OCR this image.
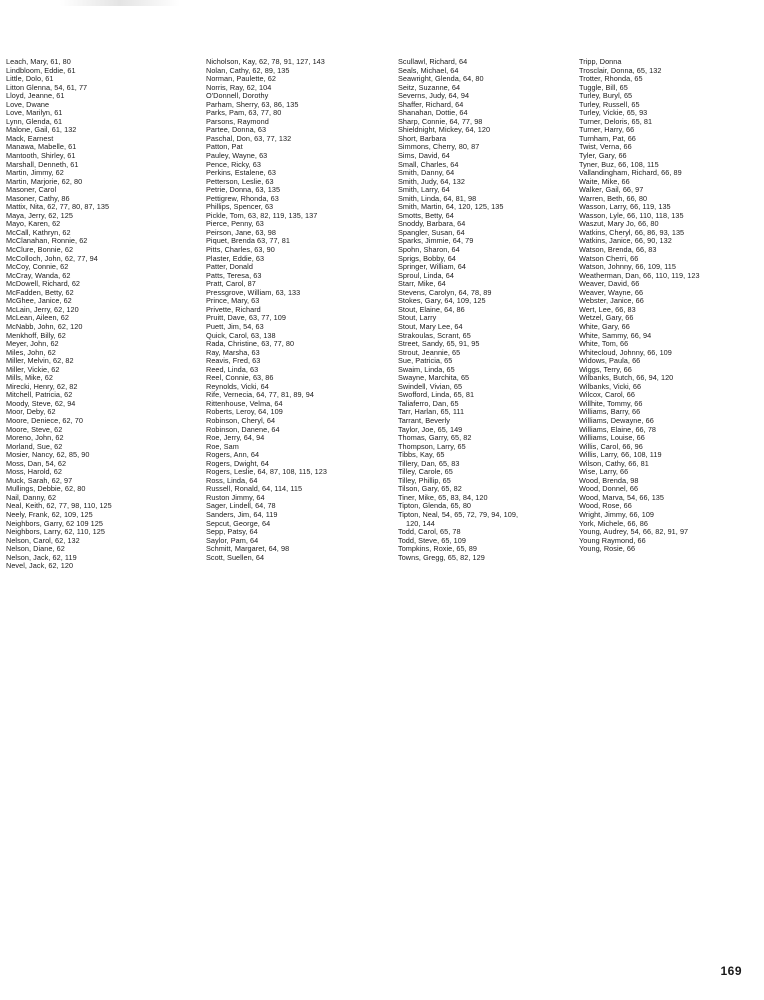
Leach, Mary, 61, 80
Lindbloom, Eddie, 61
Little, Dolo, 61
Litton Glenna, 54, 61, 77
Lloyd, Jeanne, 61
Love, Dwane
Love, Marilyn, 61
Lynn, Glenda, 61
Malone, Gail, 61, 132
Mack, Earnest
Manawa, Mabelle, 61
Mantooth, Shirley, 61
Marshall, Denneth, 61
Martin, Jimmy, 62
Martin, Marjorie, 62, 80
Masoner, Carol
Masoner, Cathy, 86
Mattix, Nita, 62, 77, 80, 87, 135
Maya, Jerry, 62, 125
Mayo, Karen, 62
McCall, Kathryn, 62
McClanahan, Ronnie, 62
McClure, Bonnie, 62
McColloch, John, 62, 77, 94
McCoy, Connie, 62
McCray, Wanda, 62
McDowell, Richard, 62
McFadden, Betty, 62
McGhee, Janice, 62
McLain, Jerry, 62, 120
McLean, Aileen, 62
McNabb, John, 62, 120
Menkhoff, Billy, 62
Meyer, John, 62
Miles, John, 62
Miller, Melvin, 62, 82
Miller, Vickie, 62
Mills, Mike, 62
Mirecki, Henry, 62, 82
Mitchell, Patricia, 62
Moody, Steve, 62, 94
Moor, Deby, 62
Moore, Deniece, 62, 70
Moore, Steve, 62
Moreno, John, 62
Morland, Sue, 62
Mosier, Nancy, 62, 85, 90
Moss, Dan, 54, 62
Moss, Harold, 62
Muck, Sarah, 62, 97
Mullings, Debbie, 62, 80
Nail, Danny, 62
Neal, Keith, 62, 77, 98, 110, 125
Neely, Frank, 62, 109, 125
Neighbors, Garry, 62 109 125
Neighbors, Larry, 62, 110, 125
Nelson, Carol, 62, 132
Nelson, Diane, 62
Nelson, Jack, 62, 119
Nevel, Jack, 62, 120
Nicholson, Kay, 62, 78, 91, 127, 143
Nolan, Cathy, 62, 89, 135
Norman, Paulette, 62
Norris, Ray, 62, 104
O'Donnell, Dorothy
Parham, Sherry, 63, 86, 135
Parks, Pam, 63, 77, 80
Parsons, Raymond
Partee, Donna, 63
Paschal, Don, 63, 77, 132
Patton, Pat
Pauley, Wayne, 63
Pence, Ricky, 63
Perkins, Estalene, 63
Petterson, Leslie, 63
Petrie, Donna, 63, 135
Pettigrew, Rhonda, 63
Phillips, Spencer, 63
Pickle, Tom, 63, 82, 119, 135, 137
Pierce, Penny, 63
Peirson, Jane, 63, 98
Piquet, Brenda 63, 77, 81
Pitts, Charles, 63, 90
Plaster, Eddie, 63
Patter, Donald
Patts, Teresa, 63
Pratt, Carol, 87
Pressgrove, William, 63, 133
Prince, Mary, 63
Privette, Richard
Pruitt, Dave, 63, 77, 109
Puett, Jim, 54, 63
Quick, Carol, 63, 138
Rada, Christine, 63, 77, 80
Ray, Marsha, 63
Reavis, Fred, 63
Reed, Linda, 63
Reel, Connie, 63, 86
Reynolds, Vicki, 64
Rife, Vernecia, 64, 77, 81, 89, 94
Rittenhouse, Velma, 64
Roberts, Leroy, 64, 109
Robinson, Cheryl, 64
Robinson, Danene, 64
Roe, Jerry, 64, 94
Roe, Sam
Rogers, Ann, 64
Rogers, Dwight, 64
Rogers, Leslie, 64, 87, 108, 115, 123
Ross, Linda, 64
Russell, Ronald, 64, 114, 115
Ruston Jimmy, 64
Sager, Lindell, 64, 78
Sanders, Jim, 64, 119
Sepcut, George, 64
Sepp, Patsy, 64
Saylor, Pam, 64
Schmitt, Margaret, 64, 98
Scott, Suellen, 64
Scullawl, Richard, 64
Seals, Michael, 64
Seawright, Glenda, 64, 80
Seitz, Suzanne, 64
Severns, Judy, 64, 94
Shaffer, Richard, 64
Shanahan, Dottie, 64
Sharp, Connie, 64, 77, 98
Shieldnight, Mickey, 64, 120
Short, Barbara
Simmons, Cherry, 80, 87
Sims, David, 64
Small, Charles, 64
Smith, Danny, 64
Smith, Judy, 64, 132
Smith, Larry, 64
Smith, Linda, 64, 81, 98
Smith, Martin, 64, 120, 125, 135
Smotts, Betty, 64
Snoddy, Barbara, 64
Spangler, Susan, 64
Sparks, Jimmie, 64, 79
Spohn, Sharon, 64
Sprigs, Bobby, 64
Springer, William, 64
Sproul, Linda, 64
Starr, Mike, 64
Stevens, Carolyn, 64, 78, 89
Stokes, Gary, 64, 109, 125
Stout, Elaine, 64, 86
Stout, Larry
Stout, Mary Lee, 64
Strakoulas, Scrant, 65
Street, Sandy, 65, 91, 95
Strout, Jeannie, 65
Sue, Patricia, 65
Swaim, Linda, 65
Swayne, Marchita, 65
Swindell, Vivian, 65
Swofford, Linda, 65, 81
Taliaferro, Dan, 65
Tarr, Harlan, 65, 111
Tarrant, Beverly
Taylor, Joe, 65, 149
Thomas, Garry, 65, 82
Thompson, Larry, 65
Tibbs, Kay, 65
Tillery, Dan, 65, 83
Tilley, Carole, 65
Tilley, Phillip, 65
Tilson, Gary, 65, 82
Tiner, Mike, 65, 83, 84, 120
Tipton, Glenda, 65, 80
Tipton, Neal, 54, 65, 72, 79, 94, 109,
120, 144
Todd, Carol, 65, 78
Todd, Steve, 65, 109
Tompkins, Roxie, 65, 89
Towns, Gregg, 65, 82, 129
Tripp, Donna
Trosclair, Donna, 65, 132
Trotter, Rhonda, 65
Tuggle, Bill, 65
Turley, Buryl, 65
Turley, Russell, 65
Turley, Vickie, 65, 93
Turner, Deloris, 65, 81
Turner, Harry, 66
Turnham, Pat, 66
Twist, Verna, 66
Tyler, Gary, 66
Tyner, Buz, 66, 108, 115
Vallandingham, Richard, 66, 89
Waite, Mike, 66
Walker, Gail, 66, 97
Warren, Beth, 66, 80
Wasson, Larry, 66, 119, 135
Wasson, Lyle, 66, 110, 118, 135
Waszut, Mary Jo, 66, 80
Watkins, Cheryl, 66, 86, 93, 135
Watkins, Janice, 66, 90, 132
Watson, Brenda, 66, 83
Watson Cherri, 66
Watson, Johnny, 66, 109, 115
Weatherman, Dan, 66, 110, 119, 123
Weaver, David, 66
Weaver, Wayne, 66
Webster, Janice, 66
Wert, Lee, 66, 83
Wetzel, Gary, 66
White, Gary, 66
White, Sammy, 66, 94
White, Tom, 66
Whitecloud, Johnny, 66, 109
Widows, Paula, 66
Wiggs, Terry, 66
Wilbanks, Butch, 66, 94, 120
Wilbanks, Vicki, 66
Wilcox, Carol, 66
Willhite, Tommy, 66
Williams, Barry, 66
Williams, Dewayne, 66
Williams, Elaine, 66, 78
Williams, Louise, 66
Willis, Carol, 66, 96
Willis, Larry, 66, 108, 119
Wilson, Cathy, 66, 81
Wise, Larry, 66
Wood, Brenda, 98
Wood, Donnel, 66
Wood, Marva, 54, 66, 135
Wood, Rose, 66
Wright, Jimmy, 66, 109
York, Michele, 66, 86
Young, Audrey, 54, 66, 82, 91, 97
Young Raymond, 66
Young, Rosie, 66
169
